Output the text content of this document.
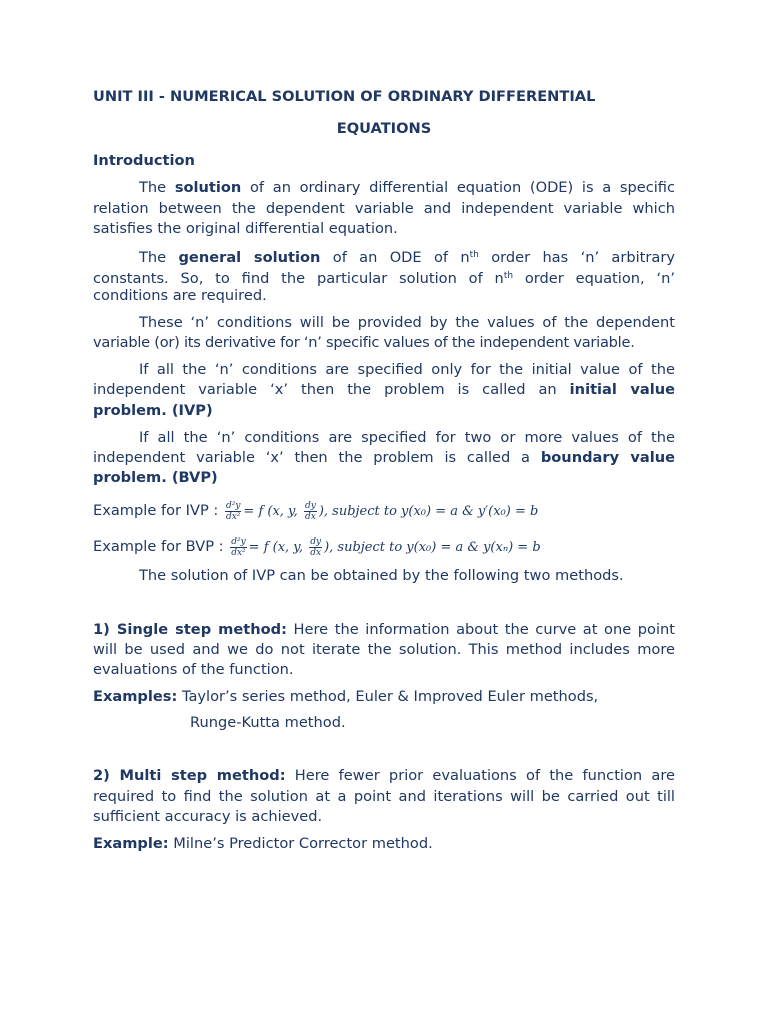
UNIT III - NUMERICAL SOLUTION OF ORDINARY DIFFERENTIAL
EQUATIONS
Introduction
The solution of an ordinary differential equation (ODE) is a specific
relation between the dependent variable and independent variable which
satisfies the original differential equation.
The general solution of an ODE of $n^{th}$ order has ‘n’ arbitrary
constants. So, to find the particular solution of $n^{th}$ order equation, ‘n’
conditions are required.
These ‘n’ conditions will be provided by the values of the dependent
variable (or) its derivative for ‘n’ specific values of the independent variable.
If all the ‘n’ conditions are specified only for the initial value of the
independent variable ‘x’ then the problem is called an initial value
problem. (IVP)
If all the ‘n’ conditions are specified for two or more values of the
independent variable ‘x’ then the problem is called a boundary value
problem. (BVP)
Example for IVP : $\frac{\text{d²y}}{\text{dx²}} = f$ (x, y, $\frac{dy}{dx}$ ), subject to y(x₀) = a & y′(x₀) = b
Example for BVP : $\frac{\text{d²y}}{\text{dx²}} = f$ (x, y, $\frac{dy}{dx}$ ), subject to y(x₀) = a & y(xₙ) = b
The solution of IVP can be obtained by the following two methods.
1) Single step method: Here the information about the curve at one point
will be used and we do not iterate the solution. This method includes more
evaluations of the function.
Examples: Taylor’s series method, Euler & Improved Euler methods,
Runge-Kutta method.
2) Multi step method: Here fewer prior evaluations of the function are
required to find the solution at a point and iterations will be carried out till
sufficient accuracy is achieved.
Example: Milne’s Predictor Corrector method.
